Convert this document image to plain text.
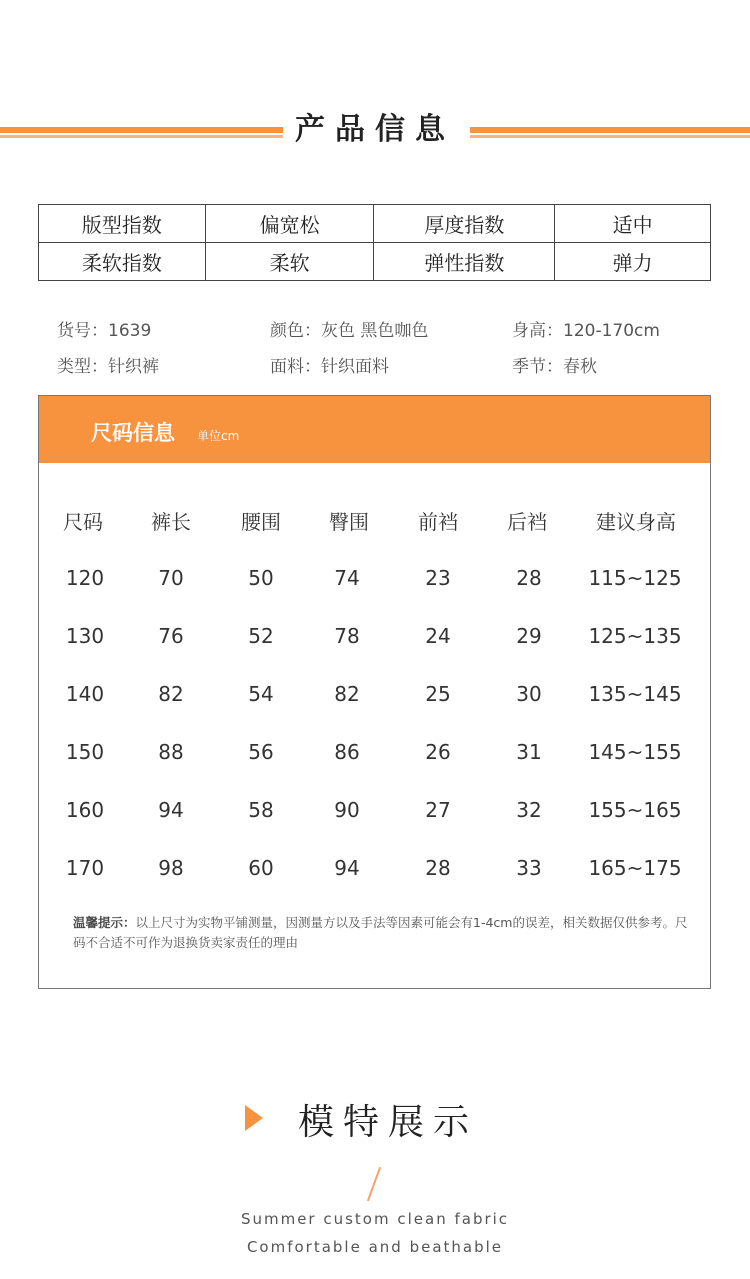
产品信息
版型指数	偏宽松	厚度指数	适中
柔软指数	柔软	弹性指数	弹力
货号：1639	颜色：灰色 黑色咖色	身高：120-170cm
类型：针织裤	面料：针织面料	季节：春秋
尺码信息 单位cm
尺码	裤长	腰围	臀围	前裆	后裆	建议身高
120	70	50	74	23	28	115~125
130	76	52	78	24	29	125~135
140	82	54	82	25	30	135~145
150	88	56	86	26	31	145~155
160	94	58	90	27	32	155~165
170	98	60	94	28	33	165~175
温馨提示：以上尺寸为实物平铺测量，因测量方以及手法等因素可能会有1-4cm的误差，相关数据仅供参考。尺码不合适不可作为退换货卖家责任的理由
模特展示
Summer custom clean fabric
Comfortable and beathable
